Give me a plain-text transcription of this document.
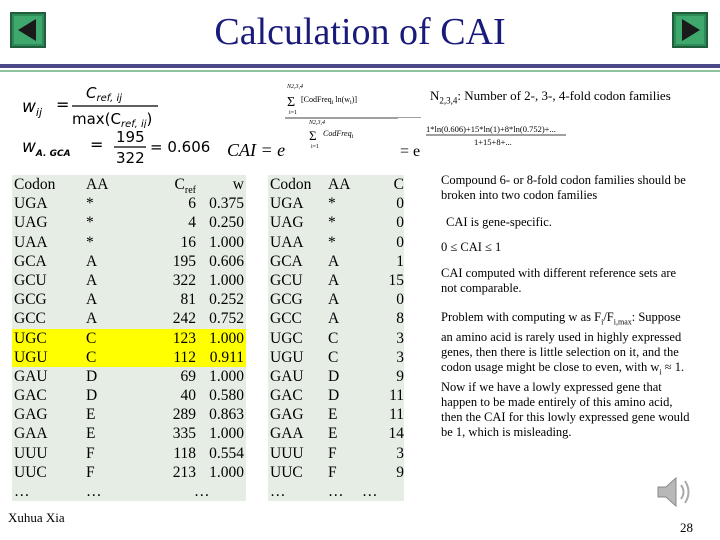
Calculation of CAI
$w_{ij}$ =
$C_{ref, ij}$
$\max(C_{ref, ij})$
$w_{A. GCA} = 195$
322
= 0.606 CAI = e
N2,3,4
Σ
i=1
[CodFreq$_i$ $\ln(w_i)$]
N2,3,4
Σ
i=1
CodFreq$_i$
= e
1*ln(0.606)+15*ln(1)+8*ln(0.752)+...
1+15+8+...
$N_{2,3,4}$: Number of 2-, 3-, 4-fold codon families
Codon
UGA
UAG
UAA
GCA
GCU
GCG
GCC
UGC
UGU
GAU
GAC
GAG
GAA
UUU
UUC
…
AA
*
*
*
A
A
A
A
C
C
D
D
E
E
F
F
…
$C_{ref}$
6
4
16
195
322
81
242
123
112
69
40
289
335
118
213
w
0.375
0.250
1.000
0.606
1.000
0.252
0.752
1.000
0.911
1.000
0.580
0.863
1.000
0.554
1.000
…
Codon
UGA
UAG
UAA
GCA
GCU
GCG
GCC
UGC
UGU
GAU
GAC
GAG
GAA
UUU
UUC
…
AA
*
*
*
A
A
A
A
C
C
D
D
E
E
F
F
…
C
0
0
0
1
15
0
8
3
3
9
11
11
14
3
9
…
Compound 6- or 8-fold codon families should be broken into two codon families
CAI is gene-specific.
0 ≤ CAI ≤ 1
CAI computed with different reference sets are not comparable.
Problem with computing w as $F_i/F_{i,max}$: Suppose an amino acid is rarely used in highly expressed genes, then there is little selection on it, and the codon usage might be close to even, with $w_i \approx 1$. Now if we have a lowly expressed gene that happen to be made entirely of this amino acid, then the CAI for this lowly expressed gene would be 1, which is misleading.
Xuhua Xia
28
